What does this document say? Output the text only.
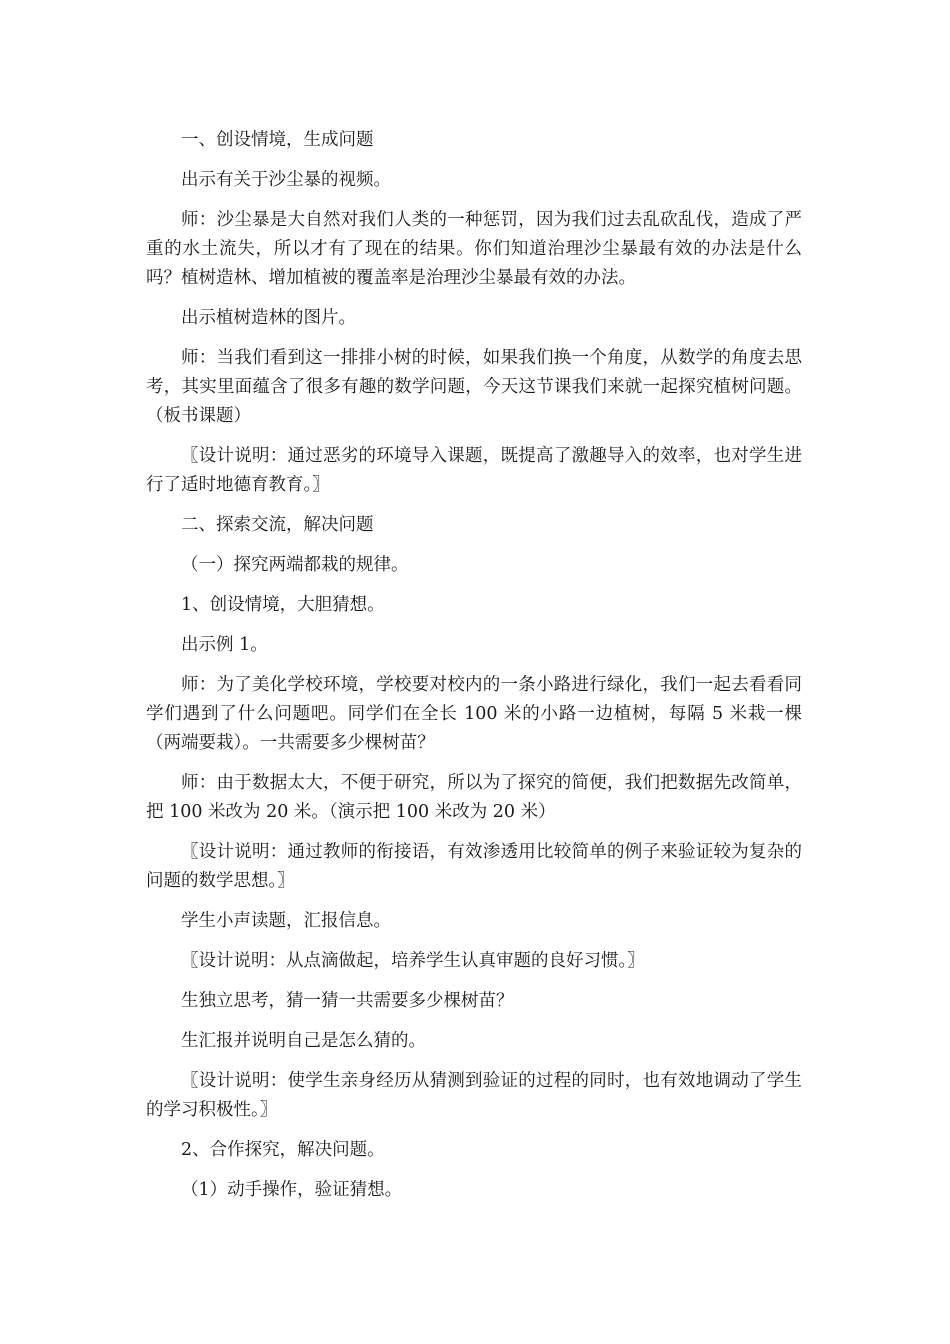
一、创设情境，生成问题

出示有关于沙尘暴的视频。

师：沙尘暴是大自然对我们人类的一种惩罚，因为我们过去乱砍乱伐，造成了严重的水土流失，所以才有了现在的结果。你们知道治理沙尘暴最有效的办法是什么吗？植树造林、增加植被的覆盖率是治理沙尘暴最有效的办法。

出示植树造林的图片。

师：当我们看到这一排排小树的时候，如果我们换一个角度，从数学的角度去思考，其实里面蕴含了很多有趣的数学问题，今天这节课我们来就一起探究植树问题。（板书课题）

〖设计说明：通过恶劣的环境导入课题，既提高了激趣导入的效率，也对学生进行了适时地德育教育。〗

二、探索交流，解决问题

（一）探究两端都栽的规律。

1、创设情境，大胆猜想。

出示例 1。

师：为了美化学校环境，学校要对校内的一条小路进行绿化，我们一起去看看同学们遇到了什么问题吧。同学们在全长 100 米的小路一边植树，每隔 5 米栽一棵（两端要栽）。一共需要多少棵树苗？

师：由于数据太大，不便于研究，所以为了探究的简便，我们把数据先改简单，把 100 米改为 20 米。（演示把 100 米改为 20 米）

〖设计说明：通过教师的衔接语，有效渗透用比较简单的例子来验证较为复杂的问题的数学思想。〗

学生小声读题，汇报信息。

〖设计说明：从点滴做起，培养学生认真审题的良好习惯。〗

生独立思考，猜一猜一共需要多少棵树苗？

生汇报并说明自己是怎么猜的。

〖设计说明：使学生亲身经历从猜测到验证的过程的同时，也有效地调动了学生的学习积极性。〗

2、合作探究，解决问题。

（1）动手操作，验证猜想。
